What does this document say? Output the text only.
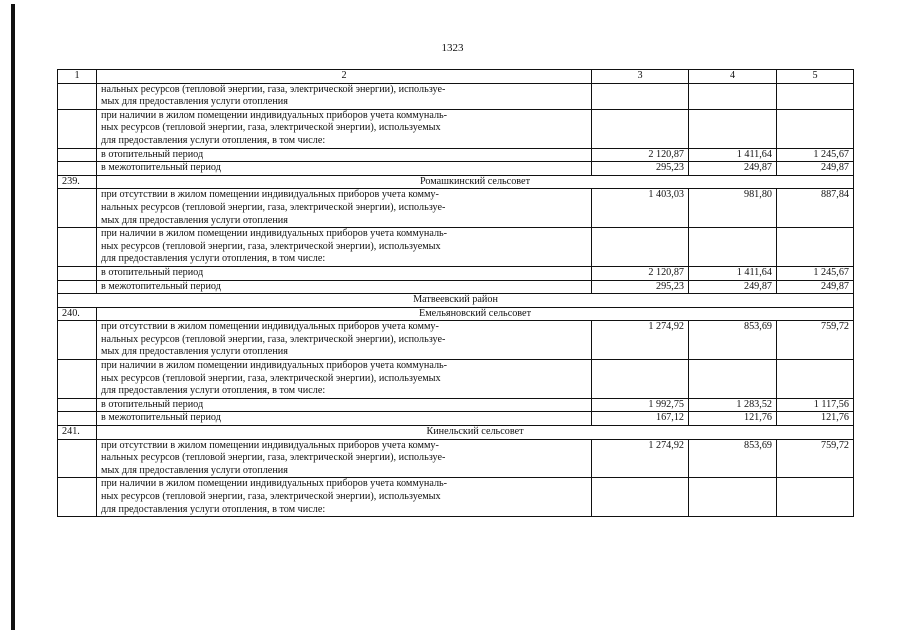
1323
1	2	3	4	5
	нальных ресурсов (тепловой энергии, газа, электрической энергии), используе-
мых для предоставления услуги отопления			
	при наличии в жилом помещении индивидуальных приборов учета коммуналь-
ных ресурсов (тепловой энергии, газа, электрической энергии), используемых
для предоставления услуги отопления, в том числе:			
	в отопительный период	2 120,87	1 411,64	1 245,67
	в межотопительный период	295,23	249,87	249,87
239.	Ромашкинский сельсовет			
	при отсутствии в жилом помещении индивидуальных приборов учета комму-
нальных ресурсов (тепловой энергии, газа, электрической энергии), используе-
мых для предоставления услуги отопления	1 403,03	981,80	887,84
	при наличии в жилом помещении индивидуальных приборов учета коммуналь-
ных ресурсов (тепловой энергии, газа, электрической энергии), используемых
для предоставления услуги отопления, в том числе:			
	в отопительный период	2 120,87	1 411,64	1 245,67
	в межотопительный период	295,23	249,87	249,87
Матвеевский район				
240.	Емельяновский сельсовет			
	при отсутствии в жилом помещении индивидуальных приборов учета комму-
нальных ресурсов (тепловой энергии, газа, электрической энергии), используе-
мых для предоставления услуги отопления	1 274,92	853,69	759,72
	при наличии в жилом помещении индивидуальных приборов учета коммуналь-
ных ресурсов (тепловой энергии, газа, электрической энергии), используемых
для предоставления услуги отопления, в том числе:			
	в отопительный период	1 992,75	1 283,52	1 117,56
	в межотопительный период	167,12	121,76	121,76
241.	Кинельский сельсовет			
	при отсутствии в жилом помещении индивидуальных приборов учета комму-
нальных ресурсов (тепловой энергии, газа, электрической энергии), используе-
мых для предоставления услуги отопления	1 274,92	853,69	759,72
	при наличии в жилом помещении индивидуальных приборов учета коммуналь-
ных ресурсов (тепловой энергии, газа, электрической энергии), используемых
для предоставления услуги отопления, в том числе:			
